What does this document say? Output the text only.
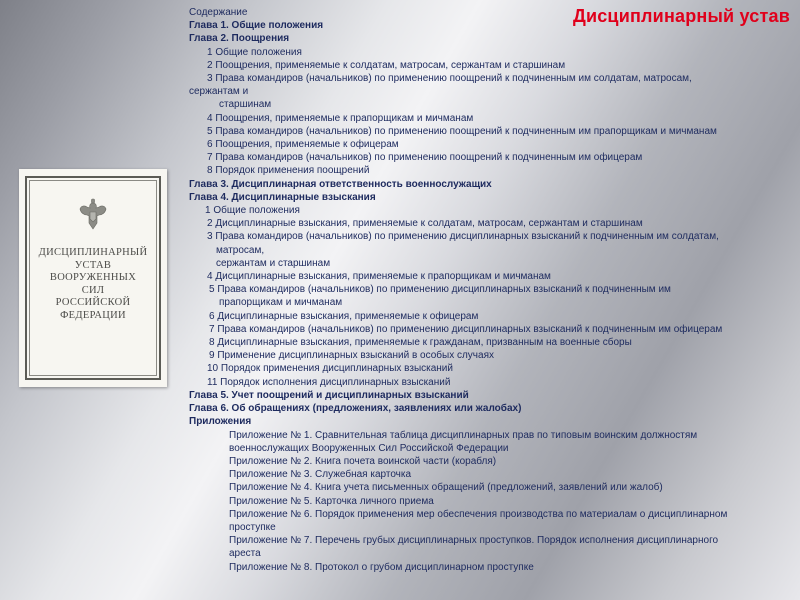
Дисциплинарный устав
ДИСЦИПЛИНАРНЫЙ
УСТАВ
ВООРУЖЕННЫХ
СИЛ
РОССИЙСКОЙ
ФЕДЕРАЦИИ
Содержание
Глава 1. Общие положения
Глава 2. Поощрения
1 Общие положения
2 Поощрения, применяемые к солдатам, матросам, сержантам и старшинам
3 Права командиров (начальников) по применению поощрений к подчиненным им солдатам, матросам,
сержантам и
старшинам
4 Поощрения, применяемые к прапорщикам и мичманам
5 Права командиров (начальников) по применению поощрений к подчиненным им прапорщикам и мичманам
6 Поощрения, применяемые к офицерам
7 Права командиров (начальников) по применению поощрений к подчиненным им офицерам
8 Порядок применения поощрений
Глава 3. Дисциплинарная ответственность военнослужащих
Глава 4. Дисциплинарные взыскания
1 Общие положения
2 Дисциплинарные взыскания, применяемые к солдатам, матросам, сержантам и старшинам
3 Права командиров (начальников) по применению дисциплинарных взысканий к подчиненным им солдатам,
матросам,
сержантам и старшинам
4 Дисциплинарные взыскания, применяемые к прапорщикам и мичманам
5 Права командиров (начальников) по применению дисциплинарных взысканий к подчиненным им
прапорщикам и мичманам
6 Дисциплинарные взыскания, применяемые к офицерам
7 Права командиров (начальников) по применению дисциплинарных взысканий к подчиненным им офицерам
8 Дисциплинарные взыскания, применяемые к гражданам, призванным на военные сборы
9 Применение дисциплинарных взысканий в особых случаях
10 Порядок применения дисциплинарных взысканий
11 Порядок исполнения дисциплинарных взысканий
Глава 5. Учет поощрений и дисциплинарных взысканий
Глава 6. Об обращениях (предложениях, заявлениях или жалобах)
Приложения
Приложение № 1. Сравнительная таблица дисциплинарных прав по типовым воинским должностям
военнослужащих Вооруженных Сил Российской Федерации
Приложение № 2. Книга почета воинской части (корабля)
Приложение № 3. Служебная карточка
Приложение № 4. Книга учета письменных обращений (предложений, заявлений или жалоб)
Приложение № 5. Карточка личного приема
Приложение № 6. Порядок применения мер обеспечения производства по материалам о дисциплинарном
проступке
Приложение № 7. Перечень грубых дисциплинарных проступков. Порядок исполнения дисциплинарного
ареста
Приложение № 8. Протокол о грубом дисциплинарном проступке
